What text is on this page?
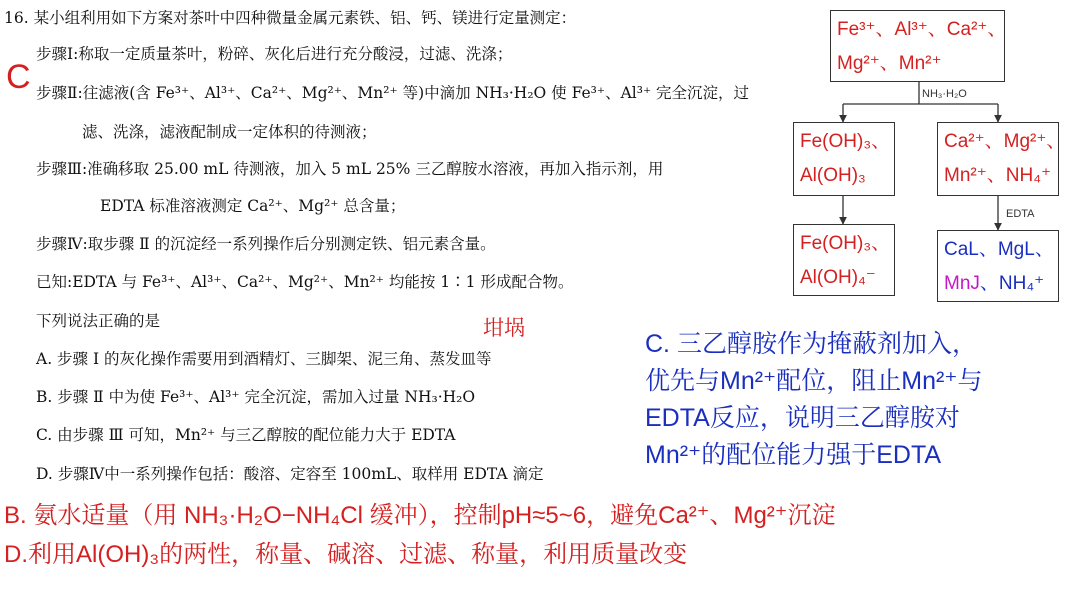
16. 某小组利用如下方案对茶叶中四种微量金属元素铁、铝、钙、镁进行定量测定：
步骤Ⅰ:称取一定质量茶叶，粉碎、灰化后进行充分酸浸，过滤、洗涤；
步骤Ⅱ:往滤液(含 Fe³⁺、Al³⁺、Ca²⁺、Mg²⁺、Mn²⁺ 等)中滴加 NH₃·H₂O 使 Fe³⁺、Al³⁺ 完全沉淀，过
滤、洗涤，滤液配制成一定体积的待测液；
步骤Ⅲ:准确移取 25.00 mL 待测液，加入 5 mL 25% 三乙醇胺水溶液，再加入指示剂，用
EDTA 标准溶液测定 Ca²⁺、Mg²⁺ 总含量；
步骤Ⅳ:取步骤 Ⅱ 的沉淀经一系列操作后分别测定铁、铝元素含量。
已知:EDTA 与 Fe³⁺、Al³⁺、Ca²⁺、Mg²⁺、Mn²⁺ 均能按 1∶1 形成配合物。
下列说法正确的是
A. 步骤 Ⅰ 的灰化操作需要用到酒精灯、三脚架、泥三角、蒸发皿等
B. 步骤 Ⅱ 中为使 Fe³⁺、Al³⁺ 完全沉淀，需加入过量 NH₃·H₂O
C. 由步骤 Ⅲ 可知，Mn²⁺ 与三乙醇胺的配位能力大于 EDTA
D. 步骤Ⅳ中一系列操作包括：酸溶、定容至 100mL、取样用 EDTA 滴定
C
坩埚
C. 三乙醇胺作为掩蔽剂加入，
优先与Mn²⁺配位，阻止Mn²⁺与
EDTA反应，说明三乙醇胺对
Mn²⁺的配位能力强于EDTA
B. 氨水适量（用 NH₃·H₂O−NH₄Cl 缓冲），控制pH≈5~6，避免Ca²⁺、Mg²⁺沉淀
D.利用Al(OH)₃的两性，称量、碱溶、过滤、称量，利用质量改变
NH₃·H₂O
EDTA
Fe³⁺、Al³⁺、Ca²⁺、
Mg²⁺、Mn²⁺
Fe(OH)₃、
Al(OH)₃
Ca²⁺、Mg²⁺、
Mn²⁺、NH₄⁺
Fe(OH)₃、
Al(OH)₄⁻
CaL、MgL、
MnJ、NH₄⁺
